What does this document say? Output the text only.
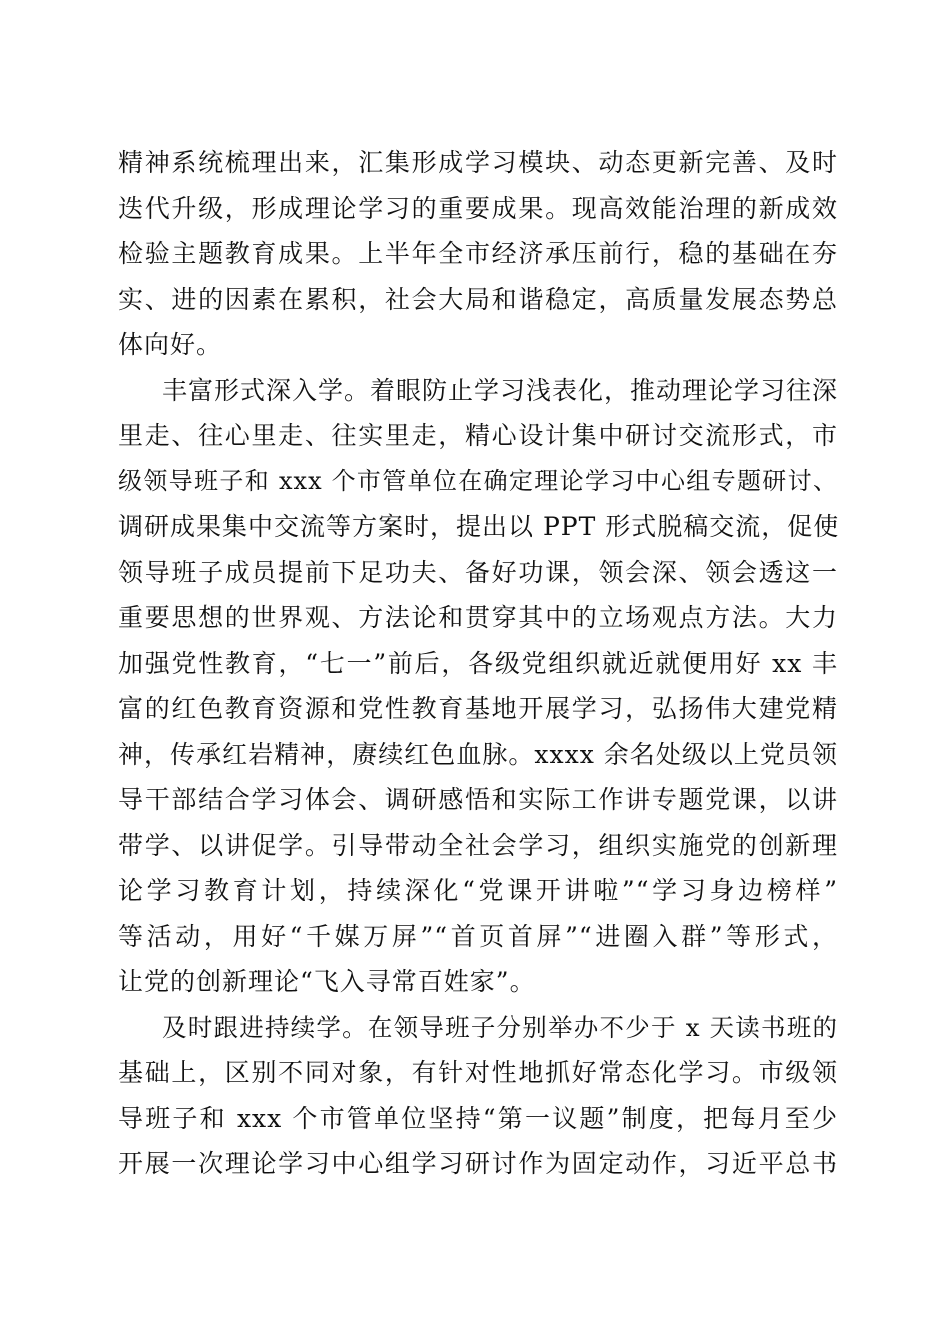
精神系统梳理出来，汇集形成学习模块、动态更新完善、及时
迭代升级，形成理论学习的重要成果。现高效能治理的新成效
检验主题教育成果。上半年全市经济承压前行，稳的基础在夯
实、进的因素在累积，社会大局和谐稳定，高质量发展态势总
体向好。
丰富形式深入学。着眼防止学习浅表化，推动理论学习往深
里走、往心里走、往实里走，精心设计集中研讨交流形式，市
级领导班子和 xxx 个市管单位在确定理论学习中心组专题研讨、
调研成果集中交流等方案时，提出以 PPT 形式脱稿交流，促使
领导班子成员提前下足功夫、备好功课，领会深、领会透这一
重要思想的世界观、方法论和贯穿其中的立场观点方法。大力
加强党性教育，“七一”前后，各级党组织就近就便用好 xx 丰
富的红色教育资源和党性教育基地开展学习，弘扬伟大建党精
神，传承红岩精神，赓续红色血脉。xxxx 余名处级以上党员领
导干部结合学习体会、调研感悟和实际工作讲专题党课，以讲
带学、以讲促学。引导带动全社会学习，组织实施党的创新理
论学习教育计划，持续深化“党课开讲啦”“学习身边榜样”
等活动，用好“千媒万屏”“首页首屏”“进圈入群”等形式，
让党的创新理论“飞入寻常百姓家”。
及时跟进持续学。在领导班子分别举办不少于 x 天读书班的
基础上，区别不同对象，有针对性地抓好常态化学习。市级领
导班子和 xxx 个市管单位坚持“第一议题”制度，把每月至少
开展一次理论学习中心组学习研讨作为固定动作，习近平总书
